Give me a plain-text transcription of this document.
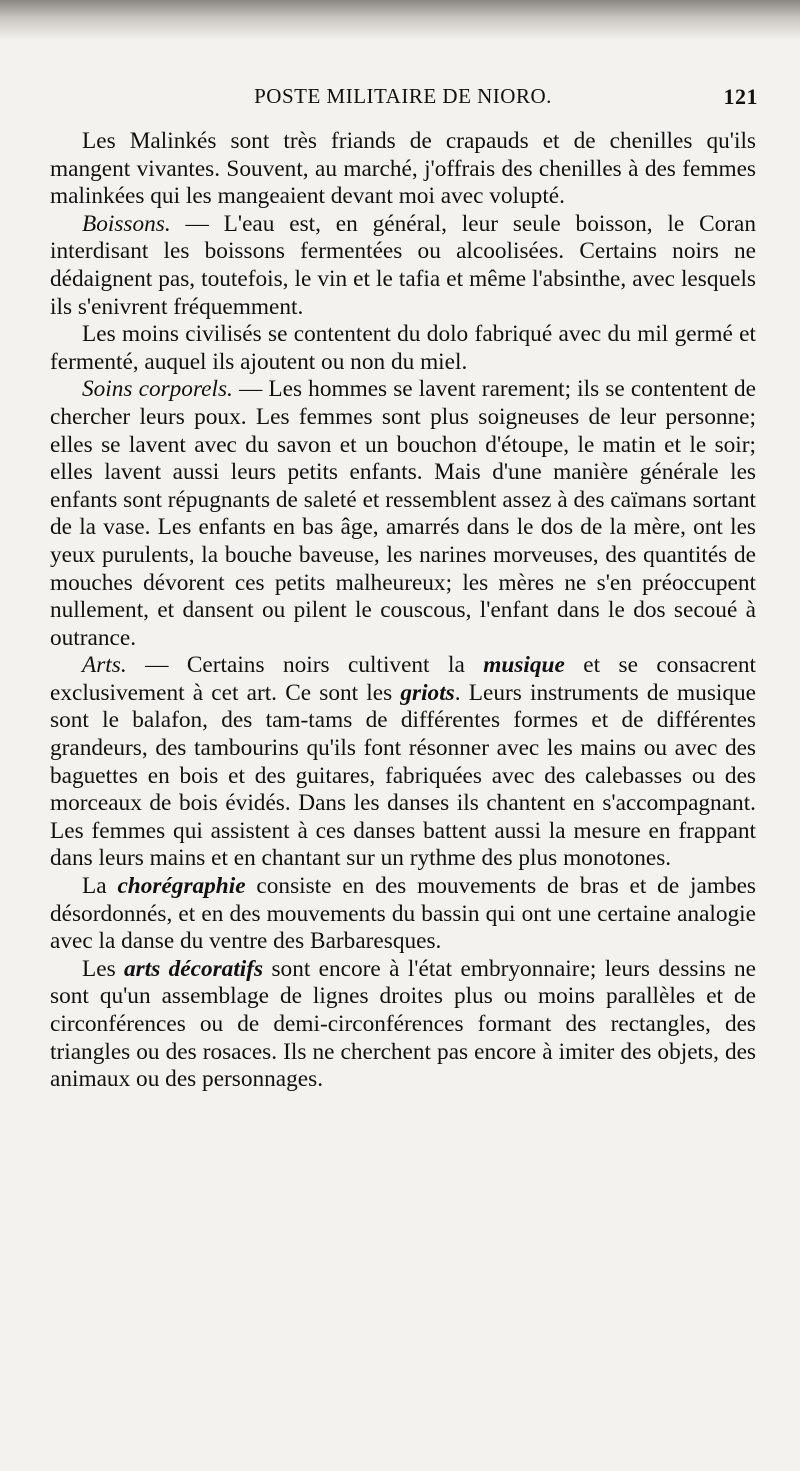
POSTE MILITAIRE DE NIORO.	121

Les Malinkés sont très friands de crapauds et de chenilles qu'ils mangent vivantes. Souvent, au marché, j'offrais des chenilles à des femmes malinkées qui les mangeaient devant moi avec volupté.

Boissons. — L'eau est, en général, leur seule boisson, le Coran interdisant les boissons fermentées ou alcoolisées. Certains noirs ne dédaignent pas, toutefois, le vin et le tafia et même l'absinthe, avec lesquels ils s'enivrent fréquemment.

Les moins civilisés se contentent du dolo fabriqué avec du mil germé et fermenté, auquel ils ajoutent ou non du miel.

Soins corporels. — Les hommes se lavent rarement; ils se contentent de chercher leurs poux. Les femmes sont plus soigneuses de leur personne; elles se lavent avec du savon et un bouchon d'étoupe, le matin et le soir; elles lavent aussi leurs petits enfants. Mais d'une manière générale les enfants sont répugnants de saleté et ressemblent assez à des caïmans sortant de la vase. Les enfants en bas âge, amarrés dans le dos de la mère, ont les yeux purulents, la bouche baveuse, les narines morveuses, des quantités de mouches dévorent ces petits malheureux; les mères ne s'en préoccupent nullement, et dansent ou pilent le couscous, l'enfant dans le dos secoué à outrance.

Arts. — Certains noirs cultivent la musique et se consacrent exclusivement à cet art. Ce sont les griots. Leurs instruments de musique sont le balafon, des tam-tams de différentes formes et de différentes grandeurs, des tambourins qu'ils font résonner avec les mains ou avec des baguettes en bois et des guitares, fabriquées avec des calebasses ou des morceaux de bois évidés. Dans les danses ils chantent en s'accompagnant. Les femmes qui assistent à ces danses battent aussi la mesure en frappant dans leurs mains et en chantant sur un rythme des plus monotones.

La chorégraphie consiste en des mouvements de bras et de jambes désordonnés, et en des mouvements du bassin qui ont une certaine analogie avec la danse du ventre des Barbaresques.

Les arts décoratifs sont encore à l'état embryonnaire; leurs dessins ne sont qu'un assemblage de lignes droites plus ou moins parallèles et de circonférences ou de demi-circonférences formant des rectangles, des triangles ou des rosaces. Ils ne cherchent pas encore à imiter des objets, des animaux ou des personnages.
